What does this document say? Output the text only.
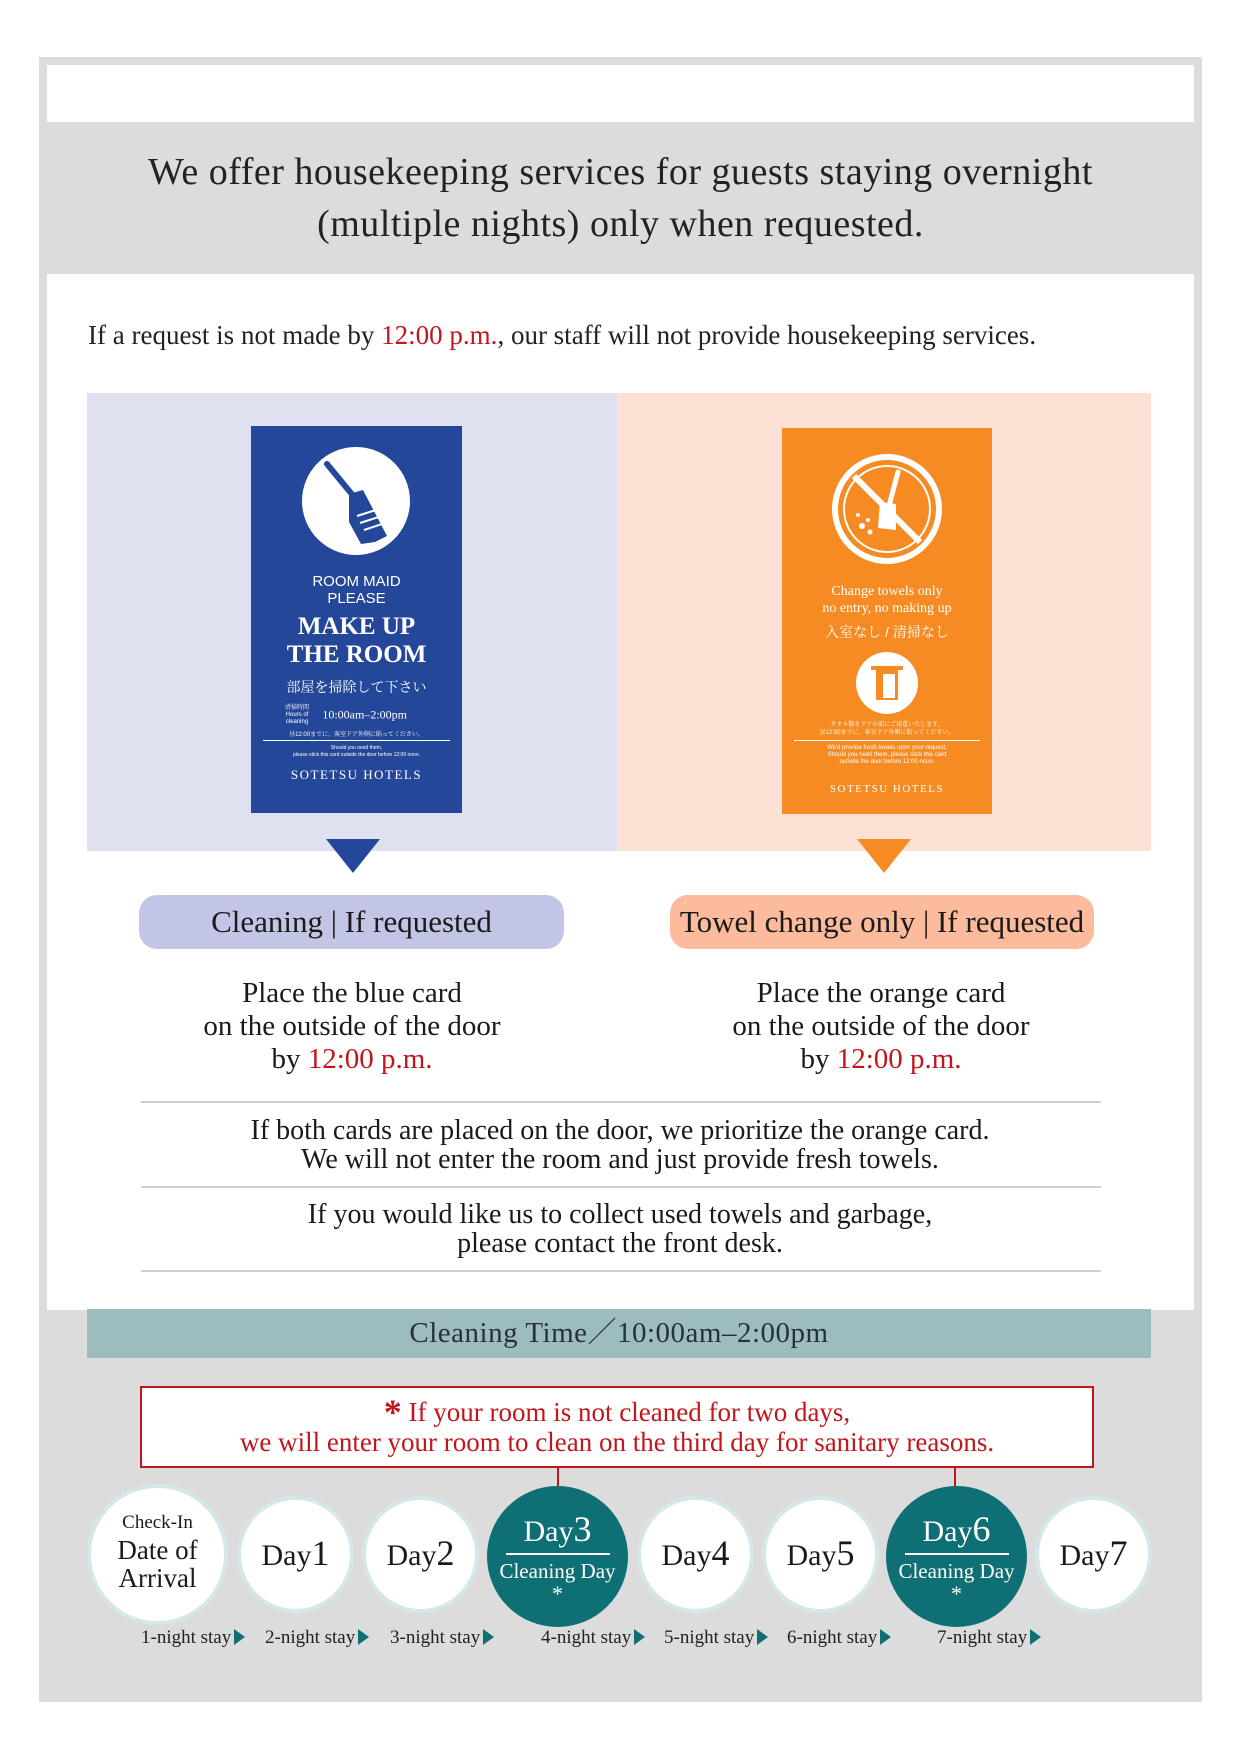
We offer housekeeping services for guests staying overnight
(multiple nights) only when requested.
If a request is not made by 12:00 p.m., our staff will not provide housekeeping services.
ROOM MAID
PLEASE
MAKE UP
THE ROOM
部屋を掃除して下さい
清掃時間
Hours of cleaning
10:00am–2:00pm
昼12:00までに、客室ドア外側に貼ってください。
Should you need them,
please stick this card outside the door before 12:00 noon.
SOTETSU HOTELS
Change towels only
no entry, no making up
入室なし / 清掃なし
タオル類をドアの前にご用意いたします。
昼12:00までに、客室ドア外側に貼ってください。
We'd provide fresh towels upon your request.
Should you need them, please stick this card
outside the door before 12:00 noon.
SOTETSU HOTELS
Cleaning | If requested	Towel change only | If requested
Place the blue card
on the outside of the door
by 12:00 p.m.
Place the orange card
on the outside of the door
by 12:00 p.m.
If both cards are placed on the door, we prioritize the orange card.
We will not enter the room and just provide fresh towels.
If you would like us to collect used towels and garbage,
please contact the front desk.
Cleaning Time／10:00am–2:00pm
* If your room is not cleaned for two days,
we will enter your room to clean on the third day for sanitary reasons.
Check-In
Date of
Arrival
Day1	Day2
Day3
Cleaning Day
*
Day4	Day5
Day6
Cleaning Day
*
Day7
1-night stay	2-night stay	3-night stay	4-night stay	5-night stay	6-night stay	7-night stay
